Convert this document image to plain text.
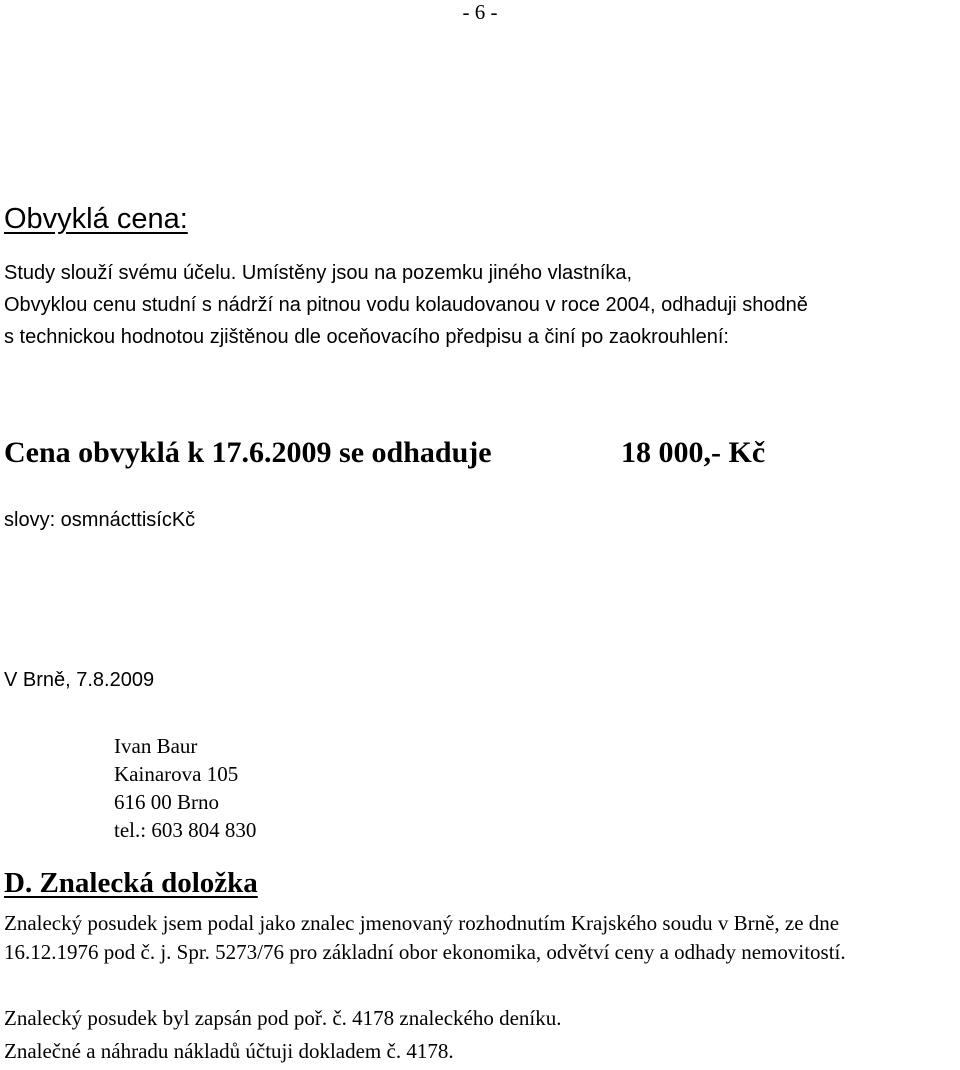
- 6 -
Obvyklá cena:
Study slouží svému účelu. Umístěny jsou na pozemku jiného vlastníka,
Obvyklou cenu studní s nádrží na pitnou vodu kolaudovanou v roce 2004, odhaduji shodně
s technickou hodnotou zjištěnou dle oceňovacího předpisu a činí po zaokrouhlení:
Cena obvyklá k 17.6.2009 se odhaduje	18 000,- Kč
slovy: osmnácttisícKč
V Brně, 7.8.2009
Ivan Baur
Kainarova 105
616 00 Brno
tel.: 603 804 830
D. Znalecká doložka
Znalecký posudek jsem podal jako znalec jmenovaný rozhodnutím Krajského soudu v Brně, ze dne
16.12.1976 pod č. j. Spr. 5273/76 pro základní obor ekonomika, odvětví ceny a odhady nemovitostí.
Znalecký posudek byl zapsán pod poř. č. 4178 znaleckého deníku.
Znalečné a náhradu nákladů účtuji dokladem č. 4178.
